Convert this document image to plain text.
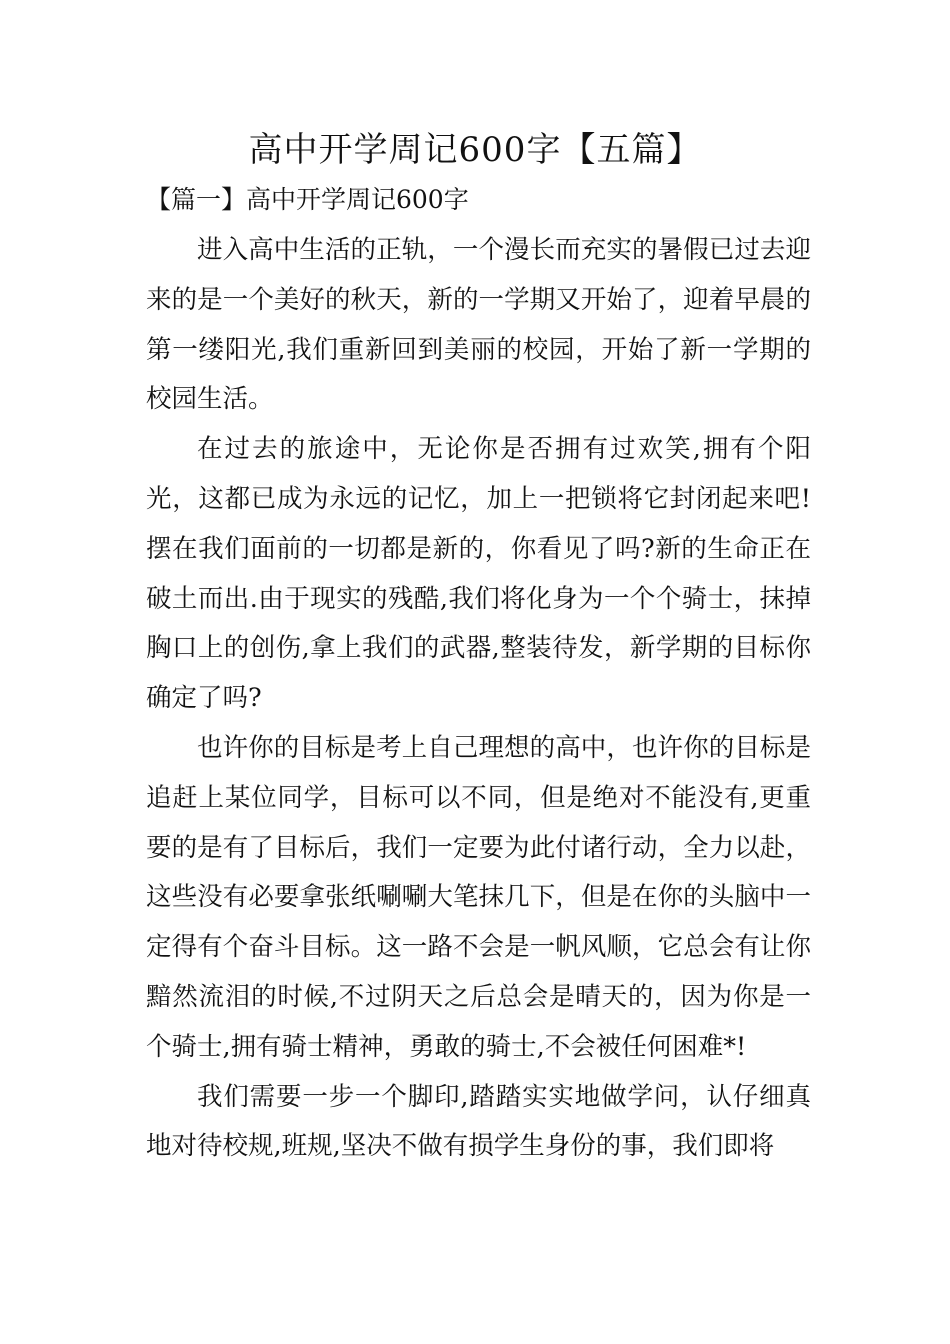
高中开学周记600字【五篇】

【篇一】高中开学周记600字

进入高中生活的正轨，一个漫长而充实的暑假已过去迎来的是一个美好的秋天，新的一学期又开始了，迎着早晨的第一缕阳光,我们重新回到美丽的校园，开始了新一学期的校园生活。

在过去的旅途中，无论你是否拥有过欢笑,拥有个阳光，这都已成为永远的记忆，加上一把锁将它封闭起来吧!摆在我们面前的一切都是新的，你看见了吗?新的生命正在破土而出.由于现实的残酷,我们将化身为一个个骑士，抹掉胸口上的创伤,拿上我们的武器,整装待发，新学期的目标你确定了吗?

也许你的目标是考上自己理想的高中，也许你的目标是追赶上某位同学，目标可以不同，但是绝对不能没有,更重要的是有了目标后，我们一定要为此付诸行动，全力以赴，这些没有必要拿张纸唰唰大笔抹几下，但是在你的头脑中一定得有个奋斗目标。这一路不会是一帆风顺，它总会有让你黯然流泪的时候,不过阴天之后总会是晴天的，因为你是一个骑士,拥有骑士精神，勇敢的骑士,不会被任何困难*!

我们需要一步一个脚印,踏踏实实地做学问，认仔细真地对待校规,班规,坚决不做有损学生身份的事，我们即将
